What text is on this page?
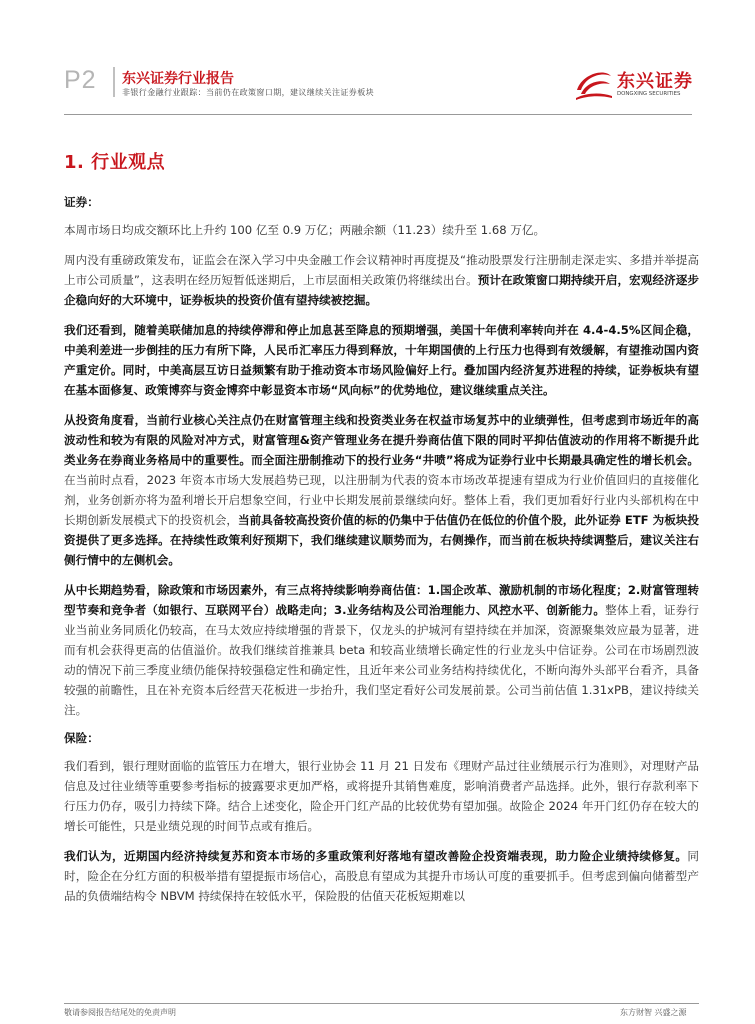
P2 东兴证券行业报告
非银行金融行业跟踪：当前仍在政策窗口期，建议继续关注证券板块
东兴证券
DONGXING SECURITIES
1. 行业观点
证券：

本周市场日均成交额环比上升约 100 亿至 0.9 万亿；两融余额（11.23）续升至 1.68 万亿。

周内没有重磅政策发布，证监会在深入学习中央金融工作会议精神时再度提及“推动股票发行注册制走深走实、多措并举提高上市公司质量”，这表明在经历短暂低迷期后，上市层面相关政策仍将继续出台。预计在政策窗口期持续开启，宏观经济逐步企稳向好的大环境中，证券板块的投资价值有望持续被挖掘。

我们还看到，随着美联储加息的持续停滞和停止加息甚至降息的预期增强，美国十年债利率转向并在 4.4-4.5%区间企稳，中美利差进一步倒挂的压力有所下降，人民币汇率压力得到释放，十年期国债的上行压力也得到有效缓解，有望推动国内资产重定价。同时，中美高层互访日益频繁有助于推动资本市场风险偏好上行。叠加国内经济复苏进程的持续，证券板块有望在基本面修复、政策博弈与资金博弈中彰显资本市场“风向标”的优势地位，建议继续重点关注。

从投资角度看，当前行业核心关注点仍在财富管理主线和投资类业务在权益市场复苏中的业绩弹性，但考虑到市场近年的高波动性和较为有限的风险对冲方式，财富管理&资产管理业务在提升券商估值下限的同时平抑估值波动的作用将不断提升此类业务在券商业务格局中的重要性。而全面注册制推动下的投行业务“井喷”将成为证券行业中长期最具确定性的增长机会。在当前时点看，2023 年资本市场大发展趋势已现，以注册制为代表的资本市场改革提速有望成为行业价值回归的直接催化剂，业务创新亦将为盈利增长开启想象空间，行业中长期发展前景继续向好。整体上看，我们更加看好行业内头部机构在中长期创新发展模式下的投资机会，当前具备较高投资价值的标的仍集中于估值仍在低位的价值个股，此外证券 ETF 为板块投资提供了更多选择。在持续性政策利好预期下，我们继续建议顺势而为，右侧操作，而当前在板块持续调整后，建议关注右侧行情中的左侧机会。

从中长期趋势看，除政策和市场因素外，有三点将持续影响券商估值：1.国企改革、激励机制的市场化程度；2.财富管理转型节奏和竞争者（如银行、互联网平台）战略走向；3.业务结构及公司治理能力、风控水平、创新能力。整体上看，证券行业当前业务同质化仍较高，在马太效应持续增强的背景下，仅龙头的护城河有望持续在并加深，资源聚集效应最为显著，进而有机会获得更高的估值溢价。故我们继续首推兼具 beta 和较高业绩增长确定性的行业龙头中信证券。公司在市场剧烈波动的情况下前三季度业绩仍能保持较强稳定性和确定性，且近年来公司业务结构持续优化，不断向海外头部平台看齐，具备较强的前瞻性，且在补充资本后经营天花板进一步抬升，我们坚定看好公司发展前景。公司当前估值 1.31xPB，建议持续关注。

保险：

我们看到，银行理财面临的监管压力在增大，银行业协会 11 月 21 日发布《理财产品过往业绩展示行为准则》，对理财产品信息及过往业绩等重要参考指标的披露要求更加严格，或将提升其销售难度，影响消费者产品选择。此外，银行存款利率下行压力仍存，吸引力持续下降。结合上述变化，险企开门红产品的比较优势有望加强。故险企 2024 年开门红仍存在较大的增长可能性，只是业绩兑现的时间节点或有推后。

我们认为，近期国内经济持续复苏和资本市场的多重政策利好落地有望改善险企投资端表现，助力险企业绩持续修复。同时，险企在分红方面的积极举措有望提振市场信心，高股息有望成为其提升市场认可度的重要抓手。但考虑到偏向储蓄型产品的负债端结构令 NBVM 持续保持在较低水平，保险股的估值天花板短期难以

敬请参阅报告结尾处的免责声明	东方财智 兴盛之源
